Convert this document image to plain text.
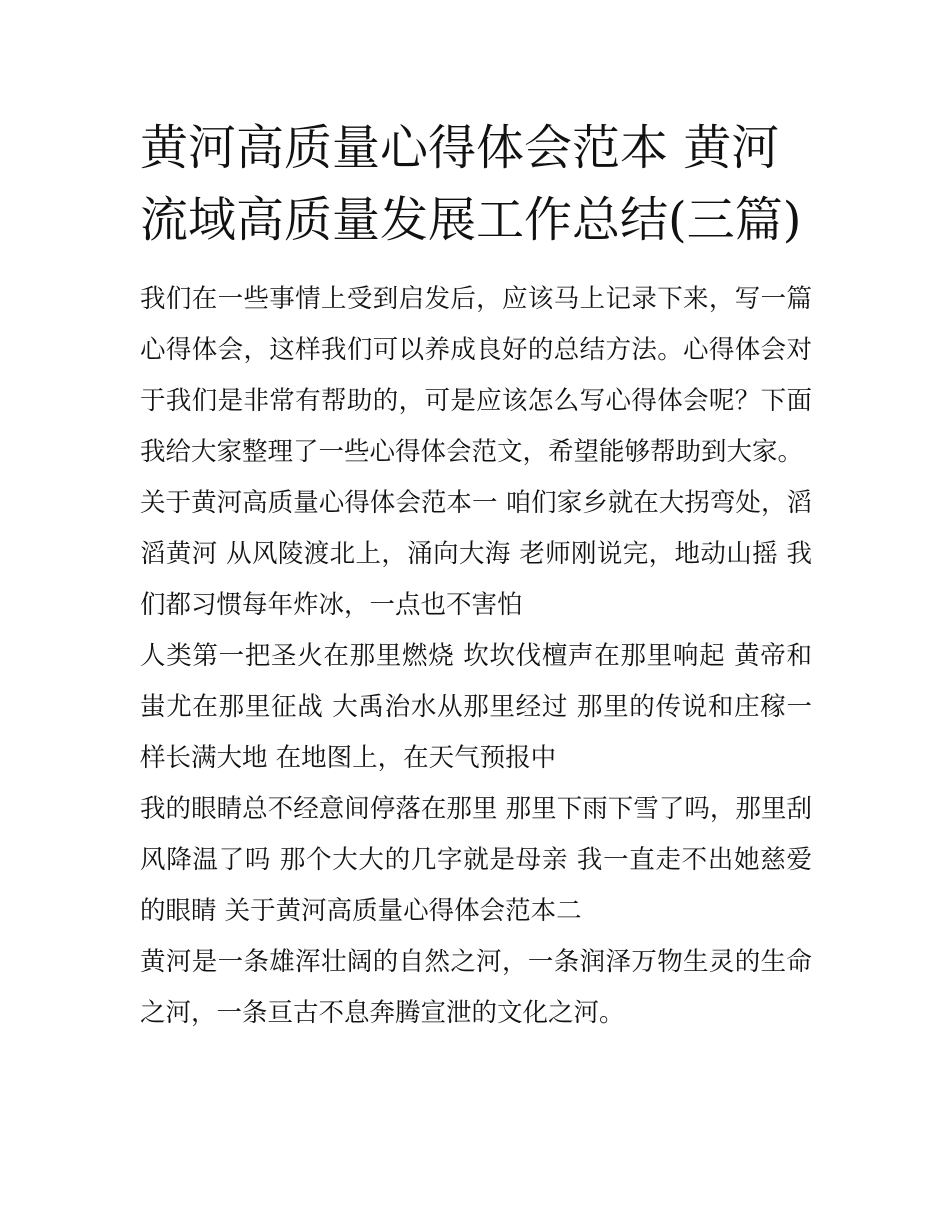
黄河高质量心得体会范本 黄河流域高质量发展工作总结(三篇)

我们在一些事情上受到启发后，应该马上记录下来，写一篇心得体会，这样我们可以养成良好的总结方法。心得体会对于我们是非常有帮助的，可是应该怎么写心得体会呢？下面我给大家整理了一些心得体会范文，希望能够帮助到大家。

关于黄河高质量心得体会范本一 咱们家乡就在大拐弯处，滔滔黄河 从风陵渡北上，涌向大海 老师刚说完，地动山摇 我们都习惯每年炸冰，一点也不害怕

人类第一把圣火在那里燃烧 坎坎伐檀声在那里响起 黄帝和蚩尤在那里征战 大禹治水从那里经过 那里的传说和庄稼一样长满大地 在地图上，在天气预报中

我的眼睛总不经意间停落在那里 那里下雨下雪了吗，那里刮风降温了吗 那个大大的几字就是母亲 我一直走不出她慈爱的眼睛 关于黄河高质量心得体会范本二

黄河是一条雄浑壮阔的自然之河，一条润泽万物生灵的生命之河，一条亘古不息奔腾宣泄的文化之河。
